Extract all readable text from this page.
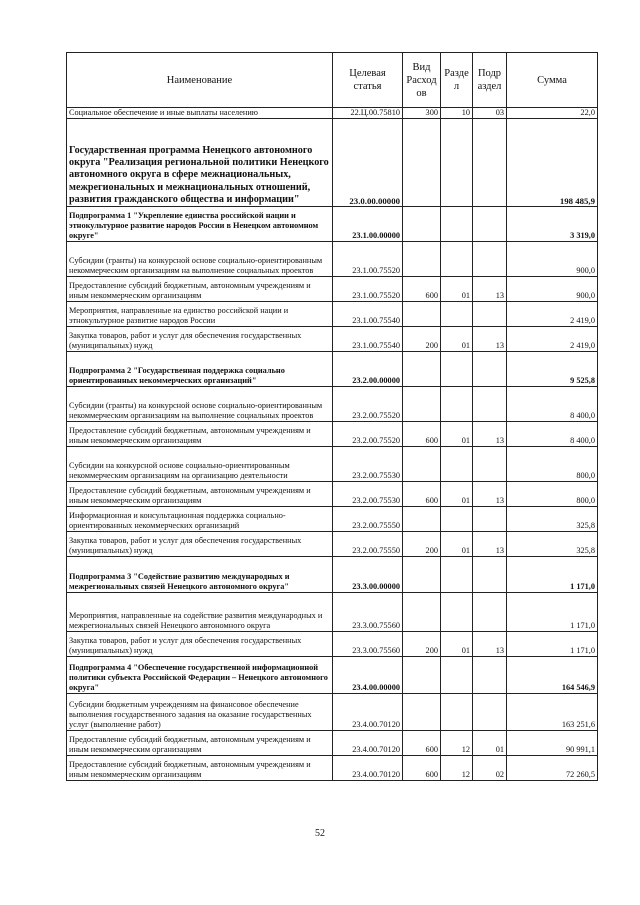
Наименование	Целевая статья	Вид Расход ов	Разде л	Подр аздел	Сумма
Социальное обеспечение и иные выплаты населению	22.Ц.00.75810	300	10	03	22,0
Государственная программа Ненецкого автономного округа "Реализация региональной политики Ненецкого автономного округа в сфере межнациональных, межрегиональных и межнациональных отношений, развития гражданского общества и информации"	23.0.00.00000				198 485,9
Подпрограмма 1 "Укрепление единства российской нации и этнокультурное развитие народов России в Ненецком автономном округе"	23.1.00.00000				3 319,0
Субсидии (гранты) на конкурсной основе социально-ориентированным некоммерческим организациям на выполнение социальных проектов	23.1.00.75520				900,0
Предоставление субсидий бюджетным, автономным учреждениям и иным некоммерческим организациям	23.1.00.75520	600	01	13	900,0
Мероприятия, направленные на единство российской нации и этнокультурное развитие народов России	23.1.00.75540				2 419,0
Закупка товаров, работ и услуг для обеспечения государственных (муниципальных) нужд	23.1.00.75540	200	01	13	2 419,0
Подпрограмма 2 "Государственная поддержка социально ориентированных некоммерческих организаций"	23.2.00.00000				9 525,8
Субсидии (гранты) на конкурсной основе социально-ориентированным некоммерческим организациям на выполнение социальных проектов	23.2.00.75520				8 400,0
Предоставление субсидий бюджетным, автономным учреждениям и иным некоммерческим организациям	23.2.00.75520	600	01	13	8 400,0
Субсидии на конкурсной основе социально-ориентированным некоммерческим организациям на организацию деятельности	23.2.00.75530				800,0
Предоставление субсидий бюджетным, автономным учреждениям и иным некоммерческим организациям	23.2.00.75530	600	01	13	800,0
Информационная и консультационная поддержка социально-ориентированных некоммерческих организаций	23.2.00.75550				325,8
Закупка товаров, работ и услуг для обеспечения государственных (муниципальных) нужд	23.2.00.75550	200	01	13	325,8
Подпрограмма 3 "Содействие развитию международных и межрегиональных связей Ненецкого автономного округа"	23.3.00.00000				1 171,0
Мероприятия, направленные на содействие развития международных и межрегиональных связей Ненецкого автономного округа	23.3.00.75560				1 171,0
Закупка товаров, работ и услуг для обеспечения государственных (муниципальных) нужд	23.3.00.75560	200	01	13	1 171,0
Подпрограмма 4 "Обеспечение государственной информационной политики субъекта Российской Федерации – Ненецкого автономного округа"	23.4.00.00000				164 546,9
Субсидии бюджетным учреждениям на финансовое обеспечение выполнения государственного задания на оказание государственных услуг (выполнение работ)	23.4.00.70120				163 251,6
Предоставление субсидий бюджетным, автономным учреждениям и иным некоммерческим организациям	23.4.00.70120	600	12	01	90 991,1
Предоставление субсидий бюджетным, автономным учреждениям и иным некоммерческим организациям	23.4.00.70120	600	12	02	72 260,5
52
